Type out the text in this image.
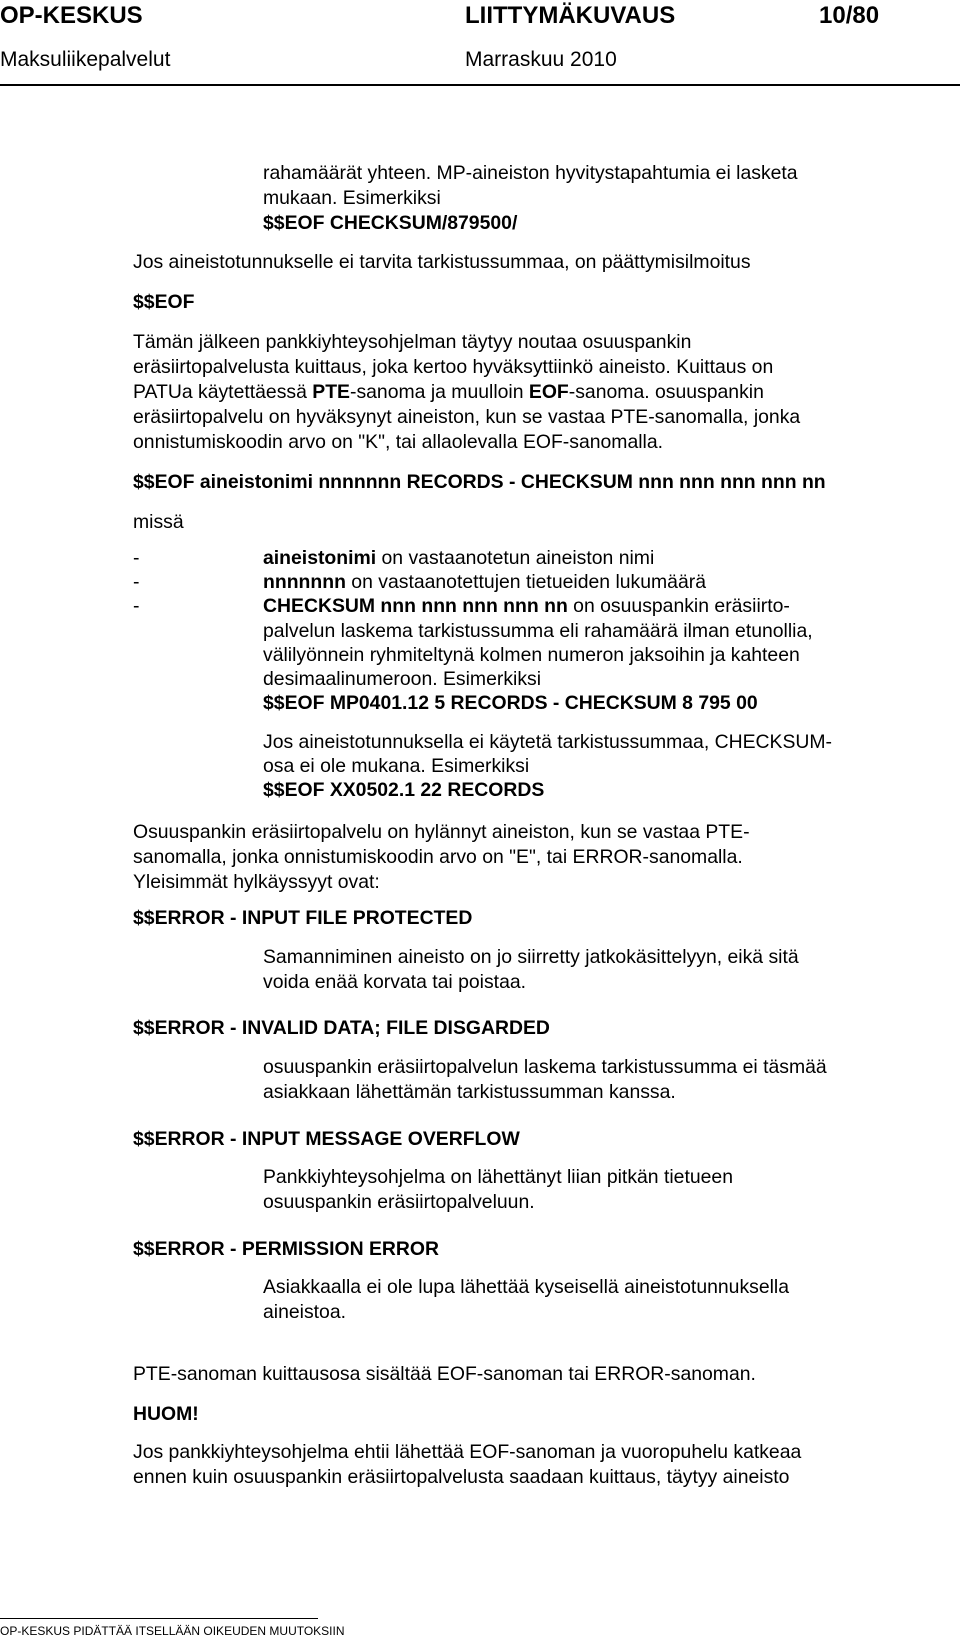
OP-KESKUS	LIITTYMÄKUVAUS	10/80
Maksuliikepalvelut	Marraskuu 2010
rahamäärät yhteen. MP-aineiston hyvitystapahtumia ei lasketa
mukaan. Esimerkiksi
$$EOF CHECKSUM/879500/
Jos aineistotunnukselle ei tarvita tarkistussummaa, on päättymisilmoitus
$$EOF
Tämän jälkeen pankkiyhteysohjelman täytyy noutaa osuuspankin
eräsiirtopalvelusta kuittaus, joka kertoo hyväksyttiinkö aineisto. Kuittaus on
PATUa käytettäessä PTE-sanoma ja muulloin EOF-sanoma. osuuspankin
eräsiirtopalvelu on hyväksynyt aineiston, kun se vastaa PTE-sanomalla, jonka
onnistumiskoodin arvo on "K", tai allaolevalla EOF-sanomalla.
$$EOF aineistonimi nnnnnnn RECORDS - CHECKSUM nnn nnn nnn nnn nn
missä
-	aineistonimi on vastaanotetun aineiston nimi
-	nnnnnnn on vastaanotettujen tietueiden lukumäärä
-	CHECKSUM nnn nnn nnn nnn nn on osuuspankin eräsiirto-
palvelun laskema tarkistussumma eli rahamäärä ilman etunollia,
välilyönnein ryhmiteltynä kolmen numeron jaksoihin ja kahteen
desimaalinumeroon. Esimerkiksi
$$EOF MP0401.12 5 RECORDS - CHECKSUM 8 795 00
Jos aineistotunnuksella ei käytetä tarkistussummaa, CHECKSUM-
osa ei ole mukana. Esimerkiksi
$$EOF XX0502.1 22 RECORDS
Osuuspankin eräsiirtopalvelu on hylännyt aineiston, kun se vastaa PTE-
sanomalla, jonka onnistumiskoodin arvo on "E", tai ERROR-sanomalla.
Yleisimmät hylkäyssyyt ovat:
$$ERROR - INPUT FILE PROTECTED
Samanniminen aineisto on jo siirretty jatkokäsittelyyn, eikä sitä
voida enää korvata tai poistaa.
$$ERROR - INVALID DATA; FILE DISGARDED
osuuspankin eräsiirtopalvelun laskema tarkistussumma ei täsmää
asiakkaan lähettämän tarkistussumman kanssa.
$$ERROR - INPUT MESSAGE OVERFLOW
Pankkiyhteysohjelma on lähettänyt liian pitkän tietueen
osuuspankin eräsiirtopalveluun.
$$ERROR - PERMISSION ERROR
Asiakkaalla ei ole lupa lähettää kyseisellä aineistotunnuksella
aineistoa.
PTE-sanoman kuittausosa sisältää EOF-sanoman tai ERROR-sanoman.
HUOM!
Jos pankkiyhteysohjelma ehtii lähettää EOF-sanoman ja vuoropuhelu katkeaa
ennen kuin osuuspankin eräsiirtopalvelusta saadaan kuittaus, täytyy aineisto
OP-KESKUS PIDÄTTÄÄ ITSELLÄÄN OIKEUDEN MUUTOKSIIN
